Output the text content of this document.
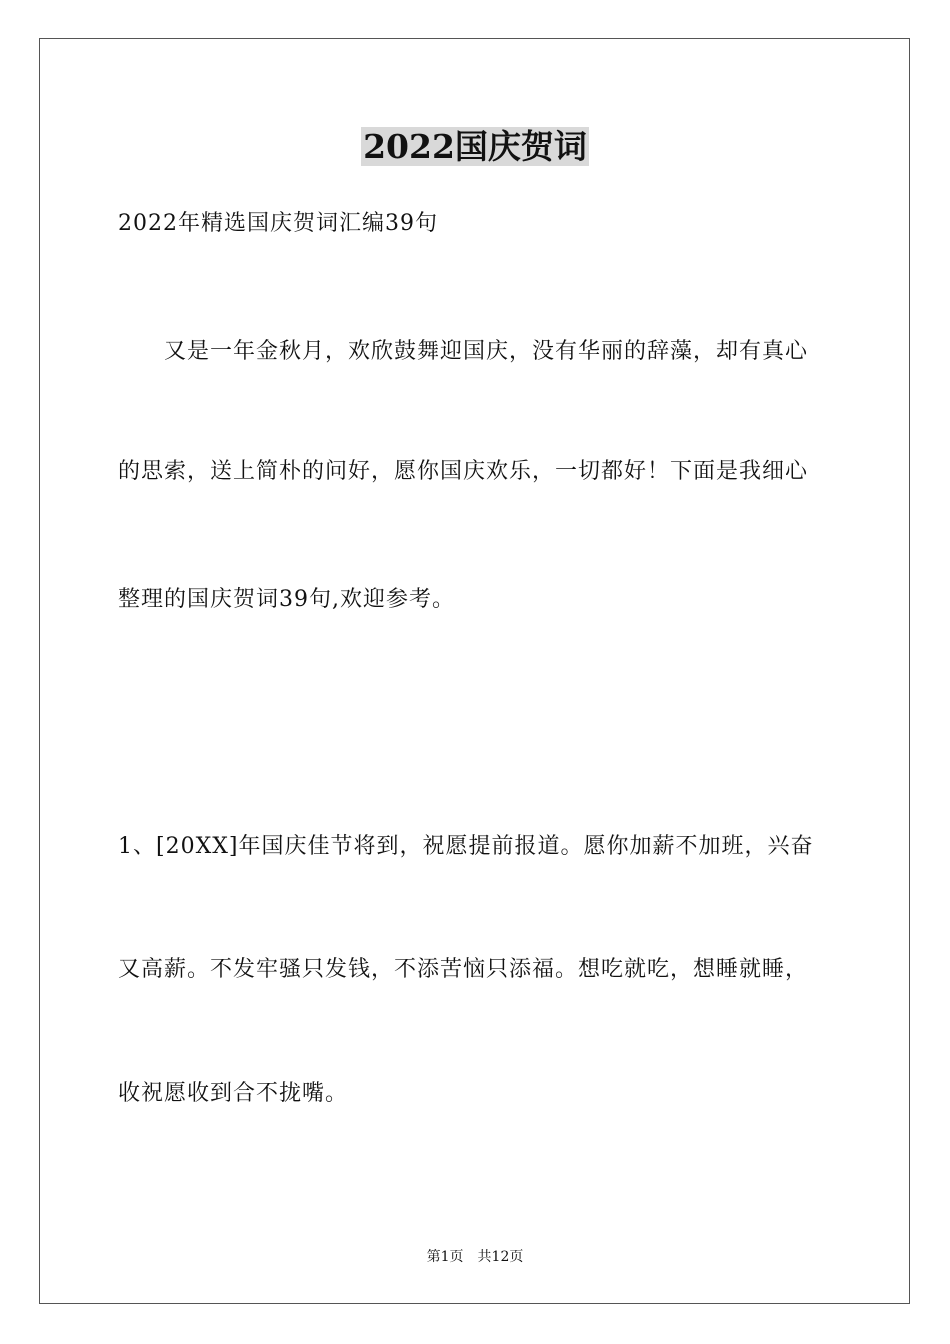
2022国庆贺词
2022年精选国庆贺词汇编39句
又是一年金秋月，欢欣鼓舞迎国庆，没有华丽的辞藻，却有真心
的思索，送上简朴的问好，愿你国庆欢乐，一切都好！下面是我细心
整理的国庆贺词39句,欢迎参考。
1、[20XX]年国庆佳节将到，祝愿提前报道。愿你加薪不加班，兴奋
又高薪。不发牢骚只发钱，不添苦恼只添福。想吃就吃，想睡就睡，
收祝愿收到合不拢嘴。
第1页 共12页
